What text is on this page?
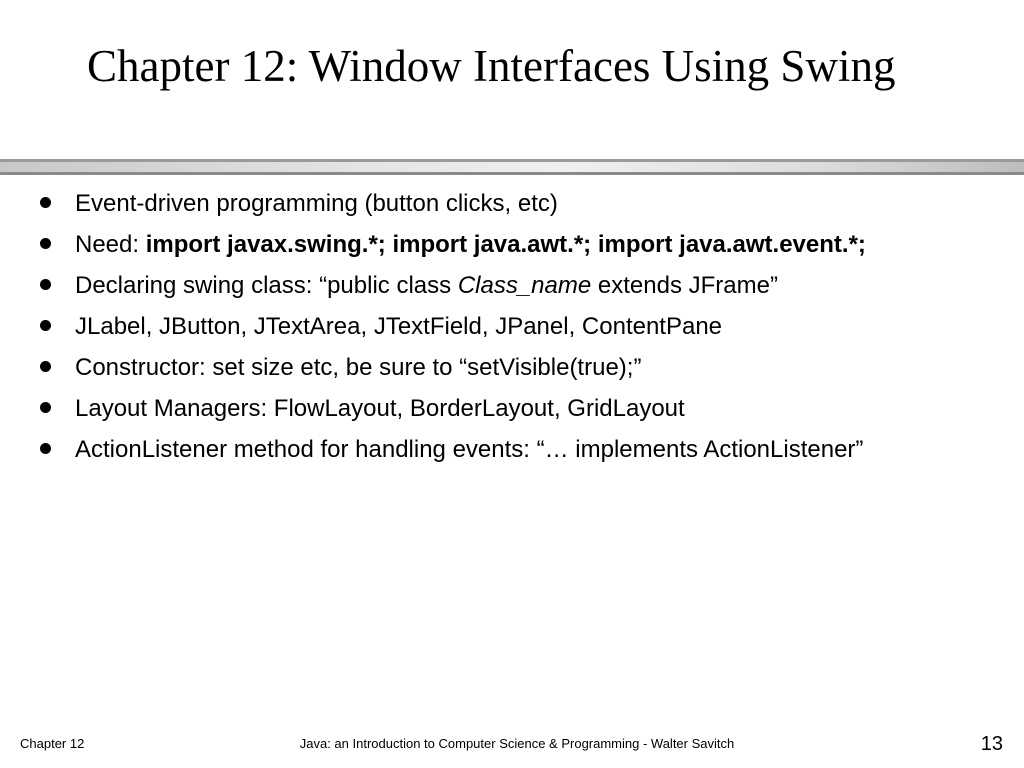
Chapter 12: Window Interfaces Using Swing
Event-driven programming (button clicks, etc)
Need: import javax.swing.*; import java.awt.*; import java.awt.event.*;
Declaring swing class: “public class Class_name extends JFrame”
JLabel, JButton, JTextArea, JTextField, JPanel, ContentPane
Constructor: set size etc, be sure to “setVisible(true);”
Layout Managers: FlowLayout, BorderLayout, GridLayout
ActionListener method for handling events: “… implements ActionListener”
Chapter 12	Java: an Introduction to Computer Science & Programming - Walter Savitch	13
